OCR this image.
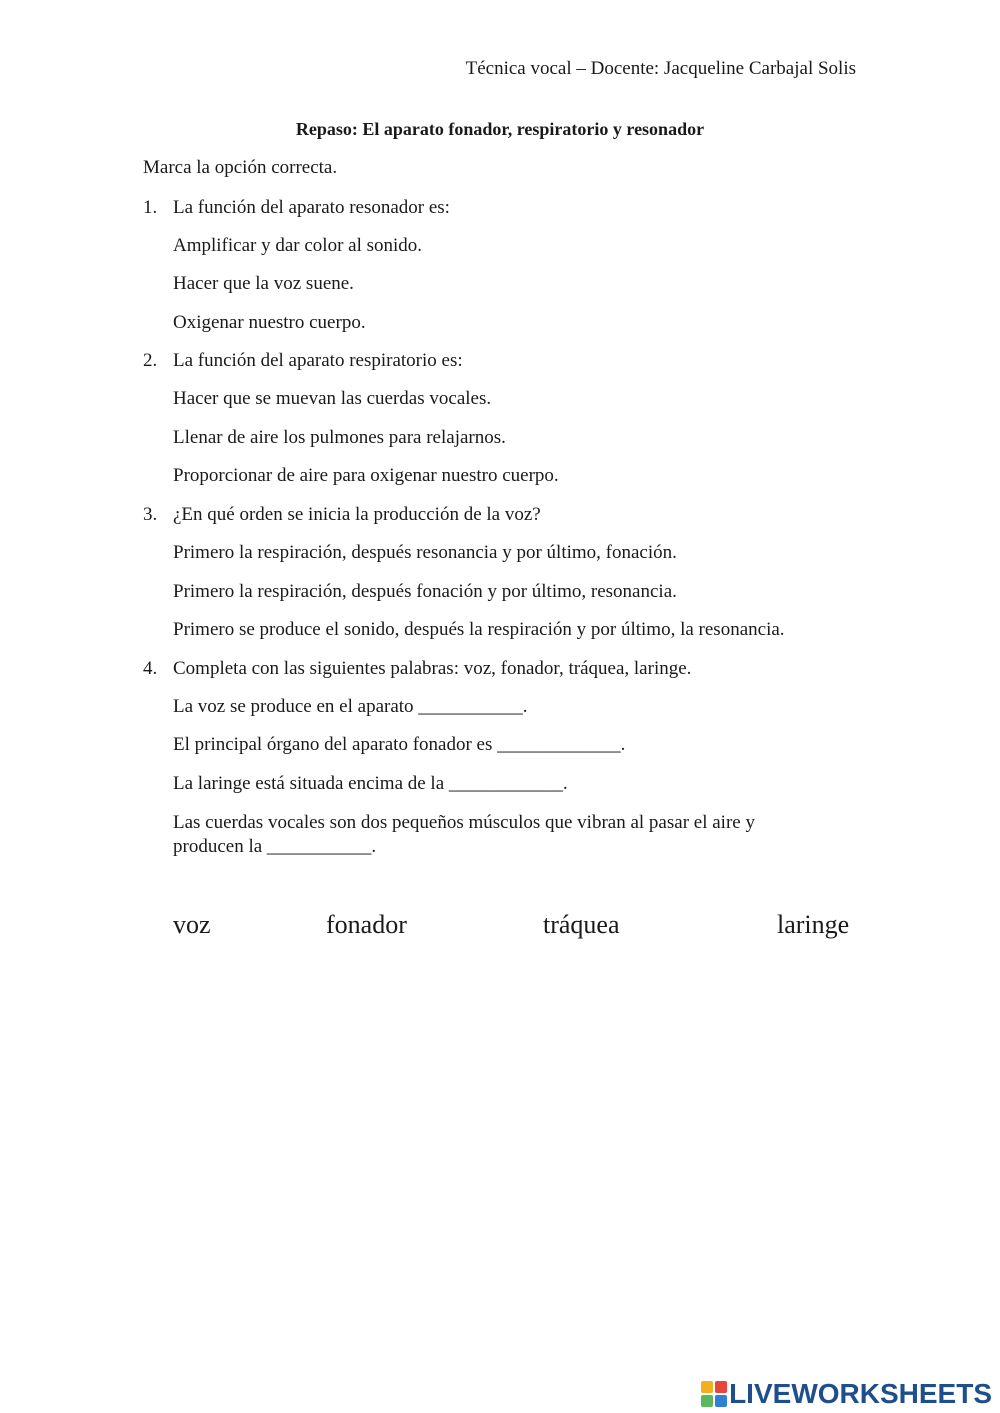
Técnica vocal – Docente: Jacqueline Carbajal Solis
Repaso: El aparato fonador, respiratorio y resonador
Marca la opción correcta.
1. La función del aparato resonador es:
Amplificar y dar color al sonido.
Hacer que la voz suene.
Oxigenar nuestro cuerpo.
2. La función del aparato respiratorio es:
Hacer que se muevan las cuerdas vocales.
Llenar de aire los pulmones para relajarnos.
Proporcionar de aire para oxigenar nuestro cuerpo.
3. ¿En qué orden se inicia la producción de la voz?
Primero la respiración, después resonancia y por último, fonación.
Primero la respiración, después fonación y por último, resonancia.
Primero se produce el sonido, después la respiración y por último, la resonancia.
4. Completa con las siguientes palabras: voz, fonador, tráquea, laringe.
La voz se produce en el aparato ___________.
El principal órgano del aparato fonador es _____________.
La laringe está situada encima de la ____________.
Las cuerdas vocales son dos pequeños músculos que vibran al pasar el aire y
producen la ___________.
voz	fonador	tráquea	laringe
LIVEWORKSHEETS
